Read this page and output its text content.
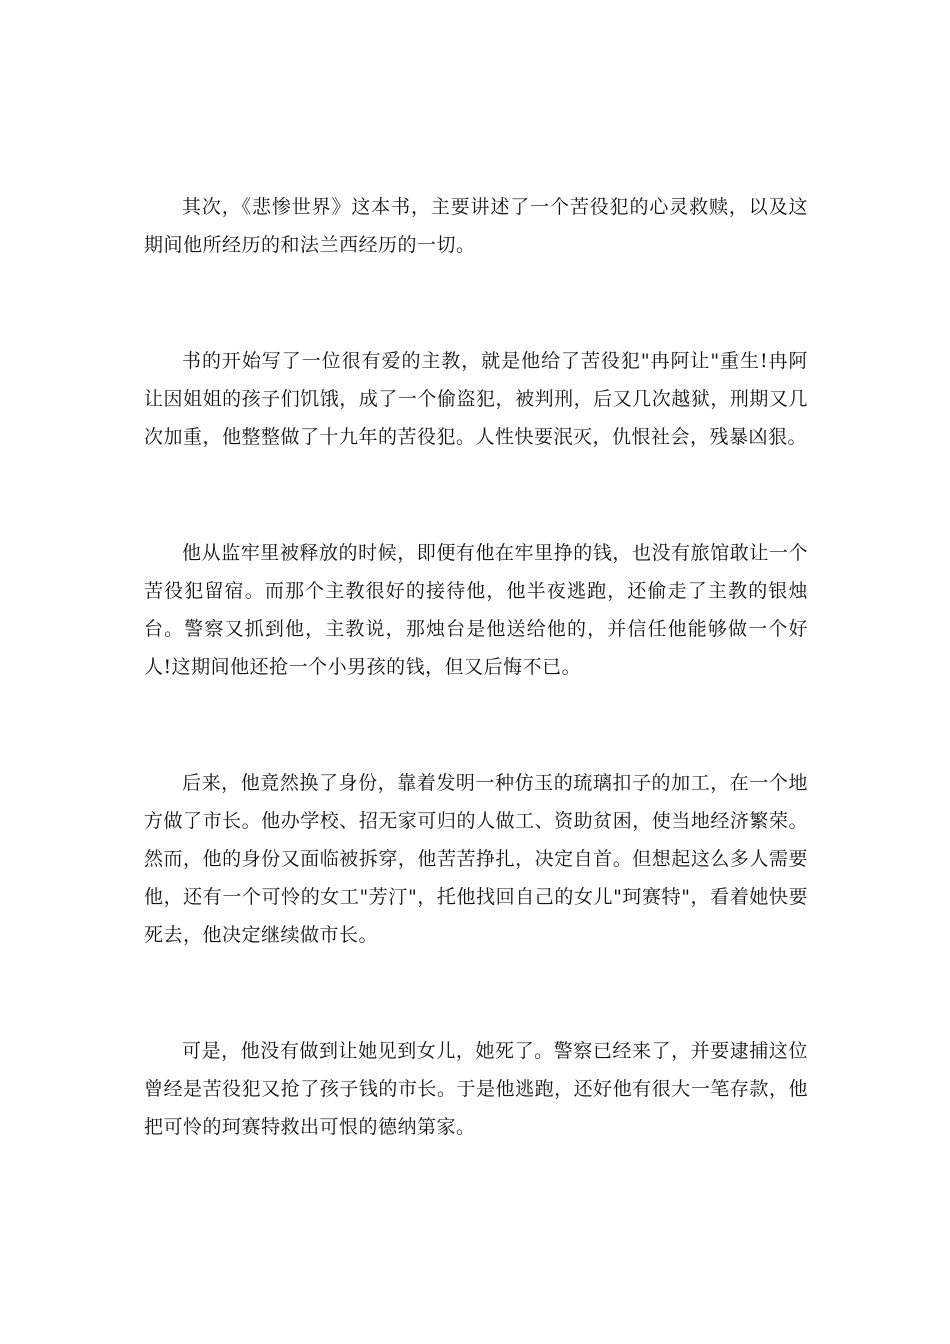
其次，《悲惨世界》这本书，主要讲述了一个苦役犯的心灵救赎，以及这期间他所经历的和法兰西经历的一切。

书的开始写了一位很有爱的主教，就是他给了苦役犯"冉阿让"重生!冉阿让因姐姐的孩子们饥饿，成了一个偷盗犯，被判刑，后又几次越狱，刑期又几次加重，他整整做了十九年的苦役犯。人性快要泯灭，仇恨社会，残暴凶狠。

他从监牢里被释放的时候，即便有他在牢里挣的钱，也没有旅馆敢让一个苦役犯留宿。而那个主教很好的接待他，他半夜逃跑，还偷走了主教的银烛台。警察又抓到他，主教说，那烛台是他送给他的，并信任他能够做一个好人!这期间他还抢一个小男孩的钱，但又后悔不已。

后来，他竟然换了身份，靠着发明一种仿玉的琉璃扣子的加工，在一个地方做了市长。他办学校、招无家可归的人做工、资助贫困，使当地经济繁荣。然而，他的身份又面临被拆穿，他苦苦挣扎，决定自首。但想起这么多人需要他，还有一个可怜的女工"芳汀"，托他找回自己的女儿"珂赛特"，看着她快要死去，他决定继续做市长。

可是，他没有做到让她见到女儿，她死了。警察已经来了，并要逮捕这位曾经是苦役犯又抢了孩子钱的市长。于是他逃跑，还好他有很大一笔存款，他把可怜的珂赛特救出可恨的德纳第家。
